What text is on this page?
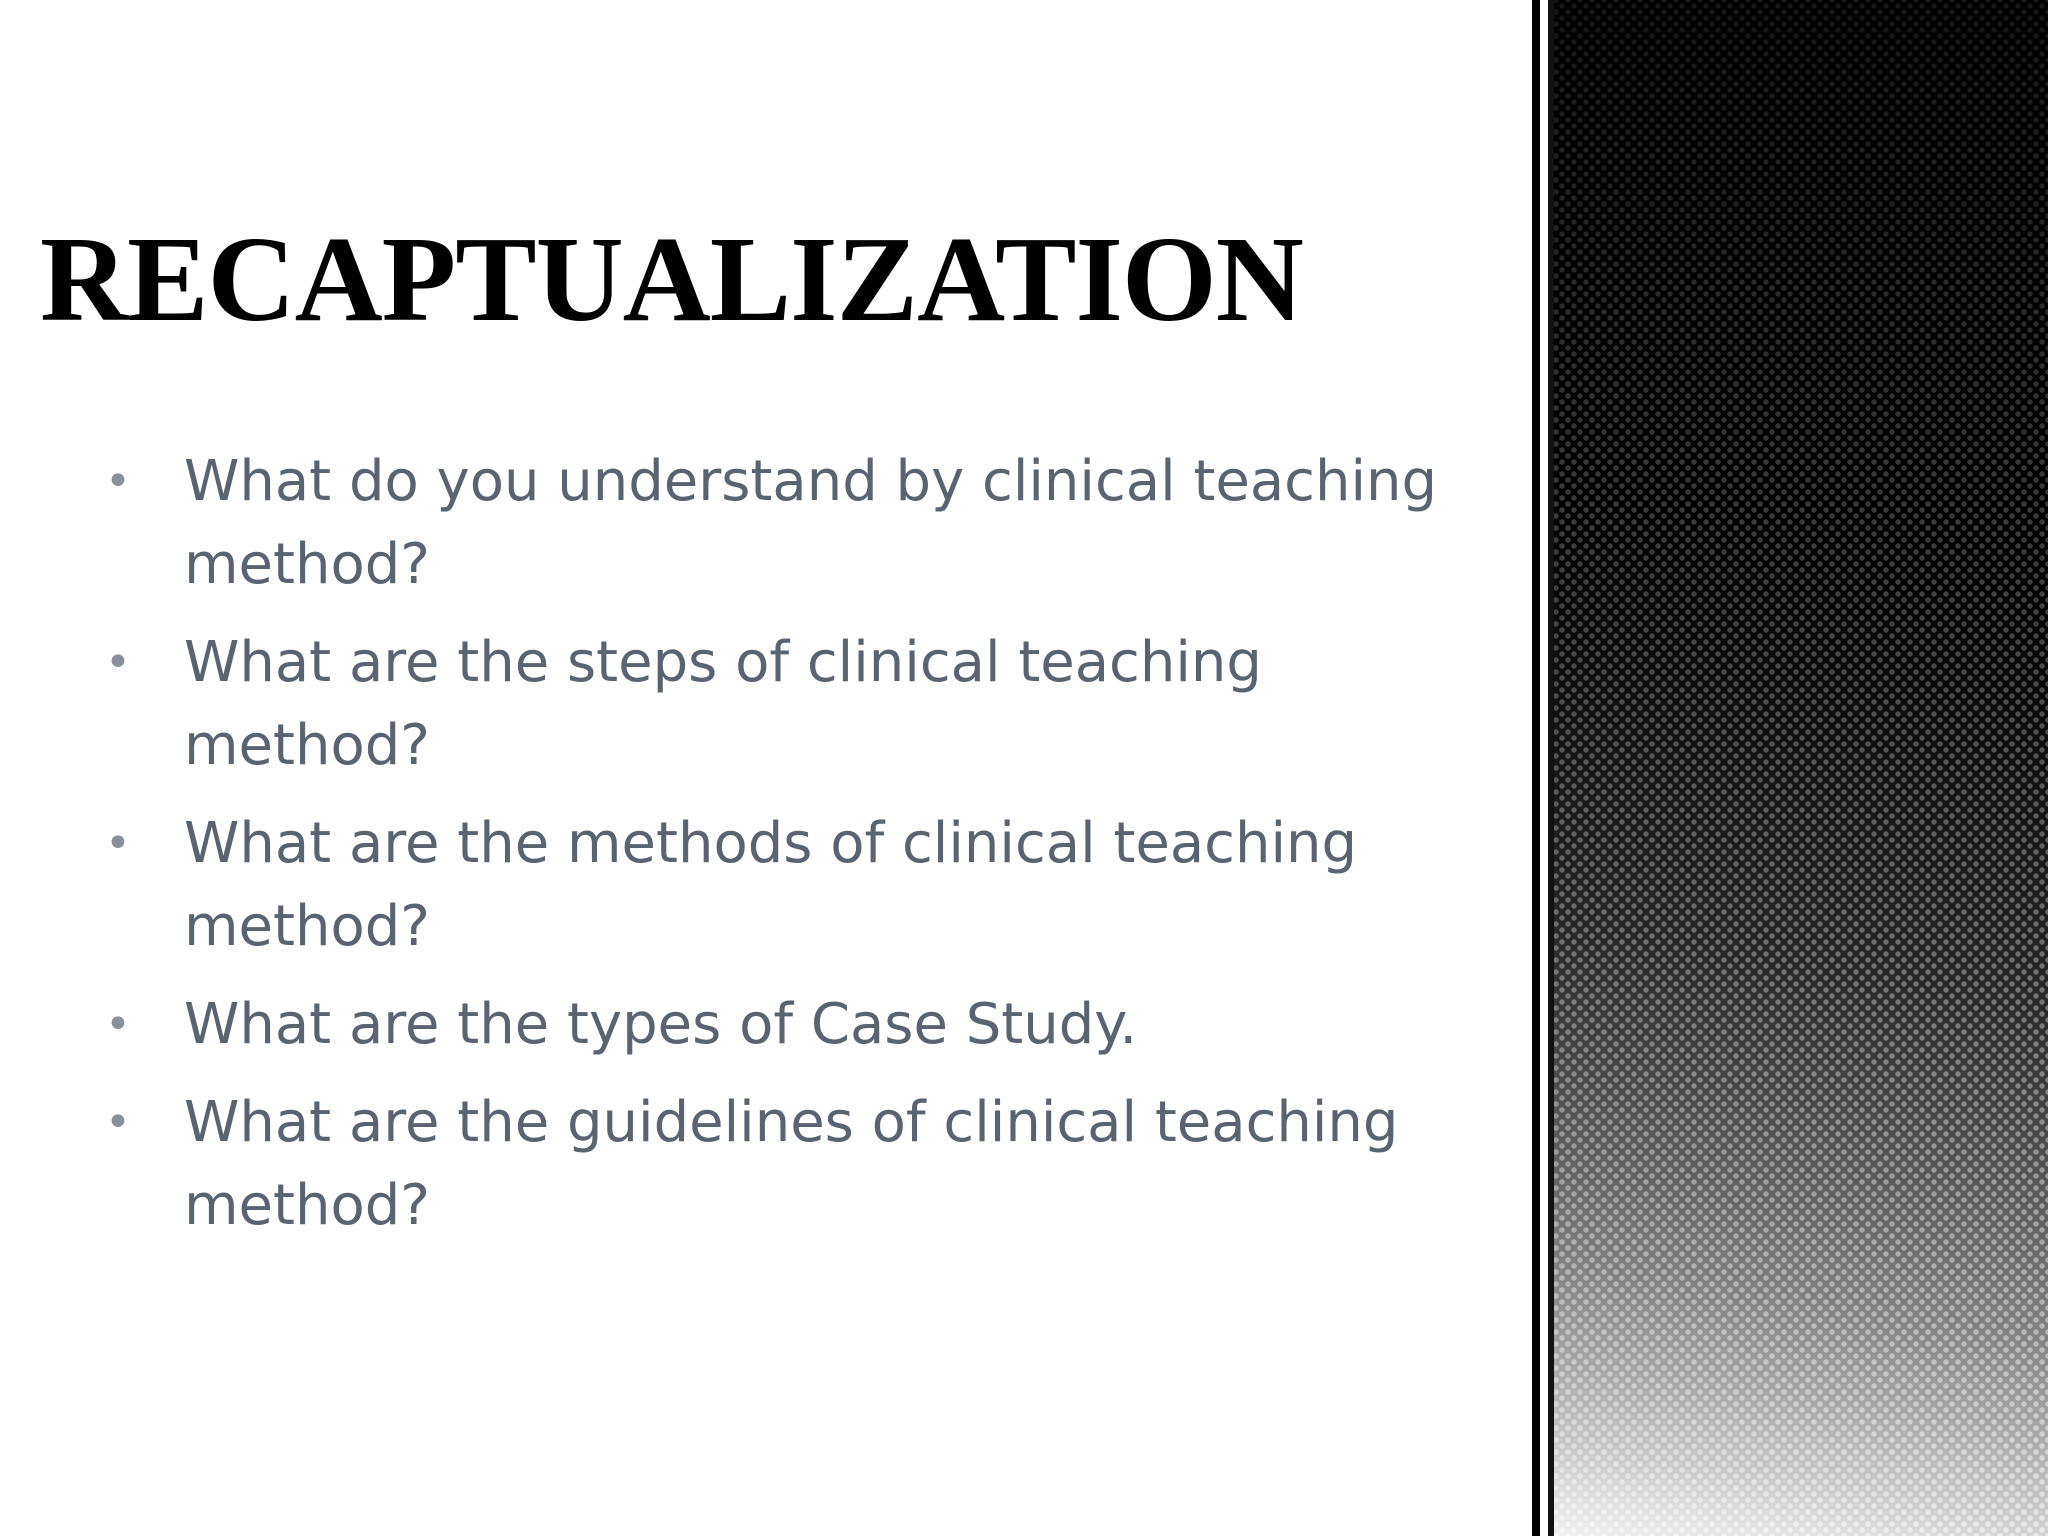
RECAPTUALIZATION
• What do you understand by clinical teaching method?
• What are the steps of clinical teaching method?
• What are the methods of clinical teaching method?
• What are the types of Case Study.
• What are the guidelines of clinical teaching method?
